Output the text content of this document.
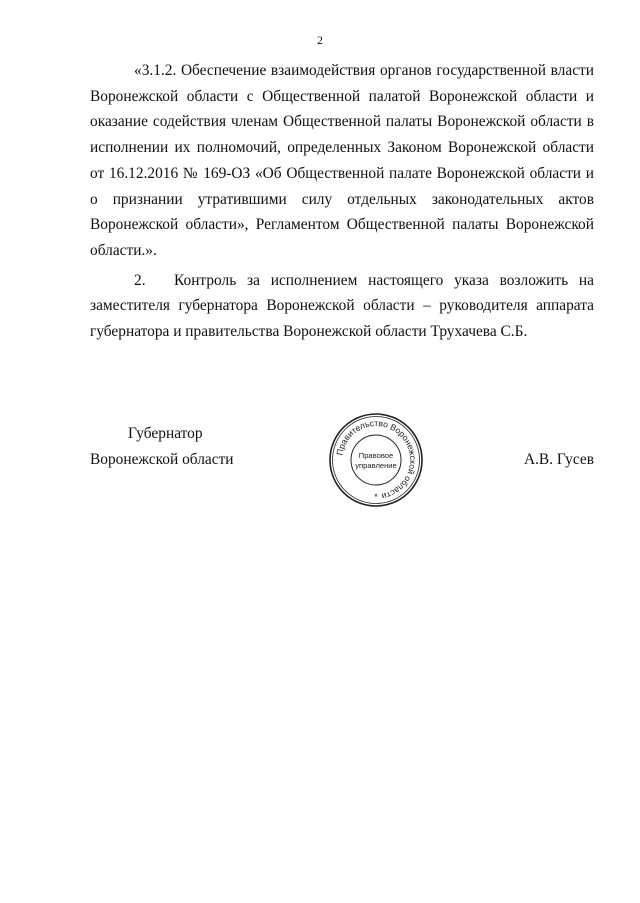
2

«3.1.2. Обеспечение взаимодействия органов государственной власти Воронежской области с Общественной палатой Воронежской области и оказание содействия членам Общественной палаты Воронежской области в исполнении их полномочий, определенных Законом Воронежской области от 16.12.2016 № 169-ОЗ «Об Общественной палате Воронежской области и о признании утратившими силу отдельных законодательных актов Воронежской области», Регламентом Общественной палаты Воронежской области.».

2.	Контроль за исполнением настоящего указа возложить на заместителя губернатора Воронежской области – руководителя аппарата губернатора и правительства Воронежской области Трухачева С.Б.
Губернатор
Воронежской области	А.В. Гусев
Правительство Воронежской области
Правовое
управление
*
